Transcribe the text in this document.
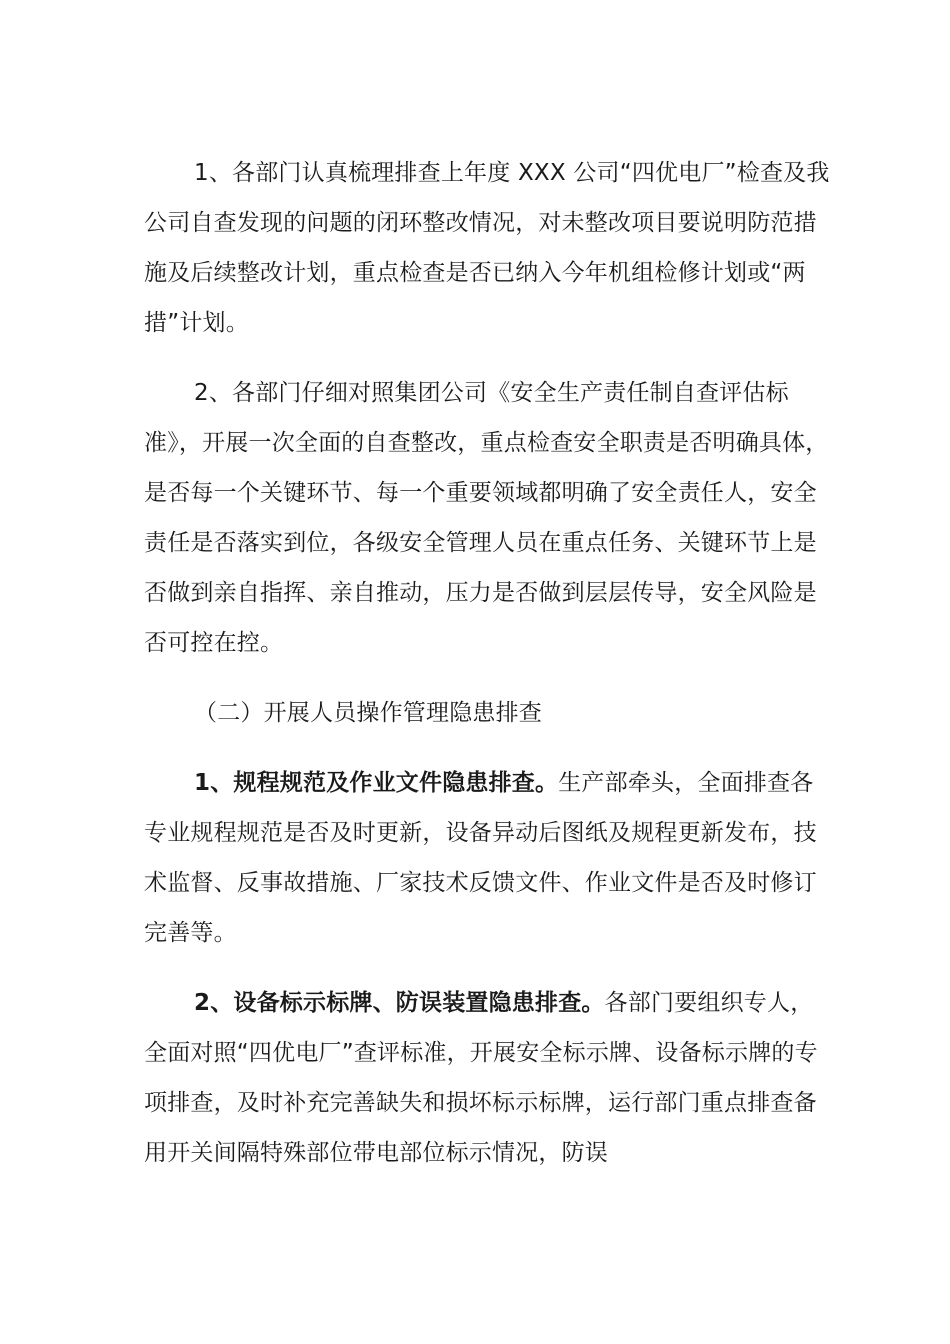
1、各部门认真梳理排查上年度 XXX 公司“四优电厂”检查及我
公司自查发现的问题的闭环整改情况，对未整改项目要说明防范措
施及后续整改计划，重点检查是否已纳入今年机组检修计划或“两
措”计划。
2、各部门仔细对照集团公司《安全生产责任制自查评估标
准》，开展一次全面的自查整改，重点检查安全职责是否明确具体，
是否每一个关键环节、每一个重要领域都明确了安全责任人，安全
责任是否落实到位，各级安全管理人员在重点任务、关键环节上是
否做到亲自指挥、亲自推动，压力是否做到层层传导，安全风险是
否可控在控。
（二）开展人员操作管理隐患排查
1、规程规范及作业文件隐患排查。生产部牵头，全面排查各
专业规程规范是否及时更新，设备异动后图纸及规程更新发布，技
术监督、反事故措施、厂家技术反馈文件、作业文件是否及时修订
完善等。
2、设备标示标牌、防误装置隐患排查。各部门要组织专人，
全面对照“四优电厂”查评标准，开展安全标示牌、设备标示牌的专
项排查，及时补充完善缺失和损坏标示标牌，运行部门重点排查备
用开关间隔特殊部位带电部位标示情况，防误
